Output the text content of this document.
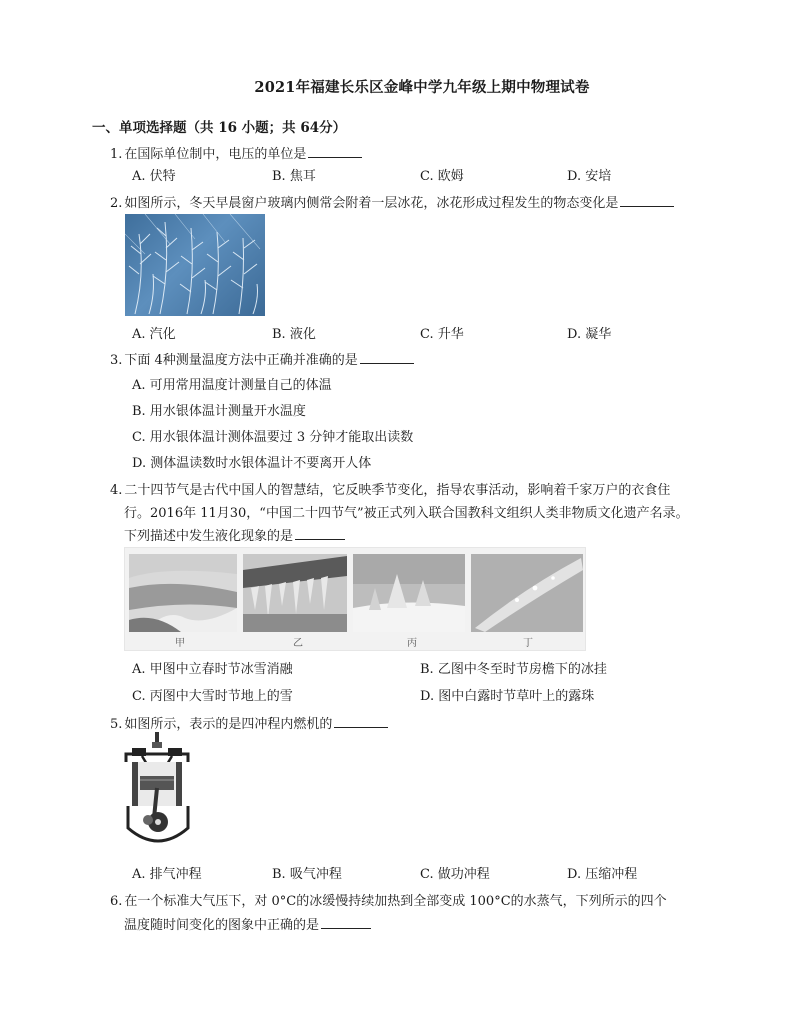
2021年福建长乐区金峰中学九年级上期中物理试卷
一、单项选择题（共 16 小题；共 64分）
1. 在国际单位制中，电压的单位是
A. 伏特	B. 焦耳	C. 欧姆	D. 安培
2. 如图所示，冬天早晨窗户玻璃内侧常会附着一层冰花，冰花形成过程发生的物态变化是
A. 汽化	B. 液化	C. 升华	D. 凝华
3. 下面 4种测量温度方法中正确并准确的是
A. 可用常用温度计测量自己的体温
B. 用水银体温计测量开水温度
C. 用水银体温计测体温要过 3 分钟才能取出读数
D. 测体温读数时水银体温计不要离开人体
4. 二十四节气是古代中国人的智慧结，它反映季节变化，指导农事活动，影响着千家万户的衣食住
行。2016年 11月30，“中国二十四节气”被正式列入联合国教科文组织人类非物质文化遗产名录。
下列描述中发生液化现象的是
甲	乙	丙	丁
A. 甲图中立春时节冰雪消融	B. 乙图中冬至时节房檐下的冰挂
C. 丙图中大雪时节地上的雪	D. 图中白露时节草叶上的露珠
5. 如图所示，表示的是四冲程内燃机的
A. 排气冲程	B. 吸气冲程	C. 做功冲程	D. 压缩冲程
6. 在一个标准大气压下，对 0°C的冰缓慢持续加热到全部变成 100°C的水蒸气，下列所示的四个
温度随时间变化的图象中正确的是
